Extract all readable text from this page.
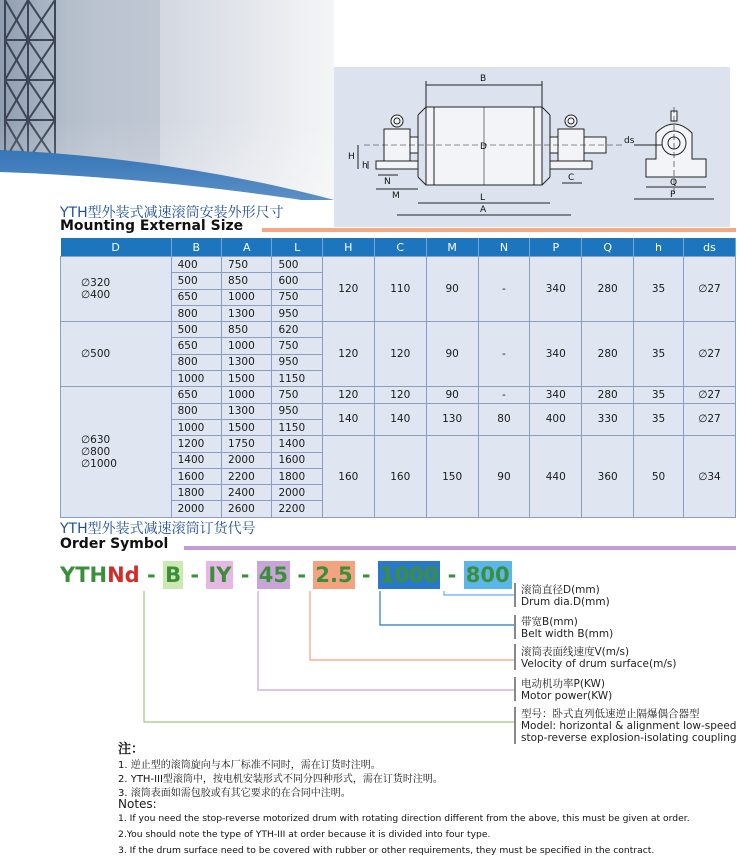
B
D
H
h
N
M	L
A
C
ds
Q
P
YTH型外装式减速滚筒安装外形尺寸
Mounting External Size
D	B	A	L	H	C	M	N	P	Q	h	ds

∅320
∅400	400	750	500	120	110	90	-	340	280	35	∅27
	500	850	600								
	650	1000	750								
	800	1300	950								

∅500	500	850	620	120	120	90	-	340	280	35	∅27
	650	1000	750								
	800	1300	950								
	1000	1500	1150								

∅630
∅800
∅1000	650	1000	750	120	120	90	-	340	280	35	∅27
	800	1300	950	140	140	130	80	400	330	35	∅27
	1000	1500	1150								
	1200	1750	1400	160	160	150	90	440	360	50	∅34
	1400	2000	1600								
	1600	2200	1800								
	1800	2400	2000								
	2000	2600	2200								
YTH型外装式减速滚筒订货代号
Order Symbol
YTHNd - B - IY - 45 - 2.5 - 1000 - 800
滚筒直径D(mm)
Drum dia.D(mm)
带宽B(mm)
Belt width B(mm)
滚筒表面线速度V(m/s)
Velocity of drum surface(m/s)
电动机功率P(KW)
Motor power(KW)
型号：卧式直列低速逆止隔爆偶合器型
Model: horizontal & alignment low-speed
stop-reverse explosion-isolating coupling
注：
1. 逆止型的滚筒旋向与本厂标准不同时，需在订货时注明。
2. YTH-III型滚筒中，按电机安装形式不同分四种形式，需在订货时注明。
3. 滚筒表面如需包胶或有其它要求的在合同中注明。
Notes:
1. If you need the stop-reverse motorized drum with rotating direction different from the above, this must be given at order.
2.You should note the type of YTH-III at order because it is divided into four type.
3. If the drum surface need to be covered with rubber or other requirements, they must be specified in the contract.
